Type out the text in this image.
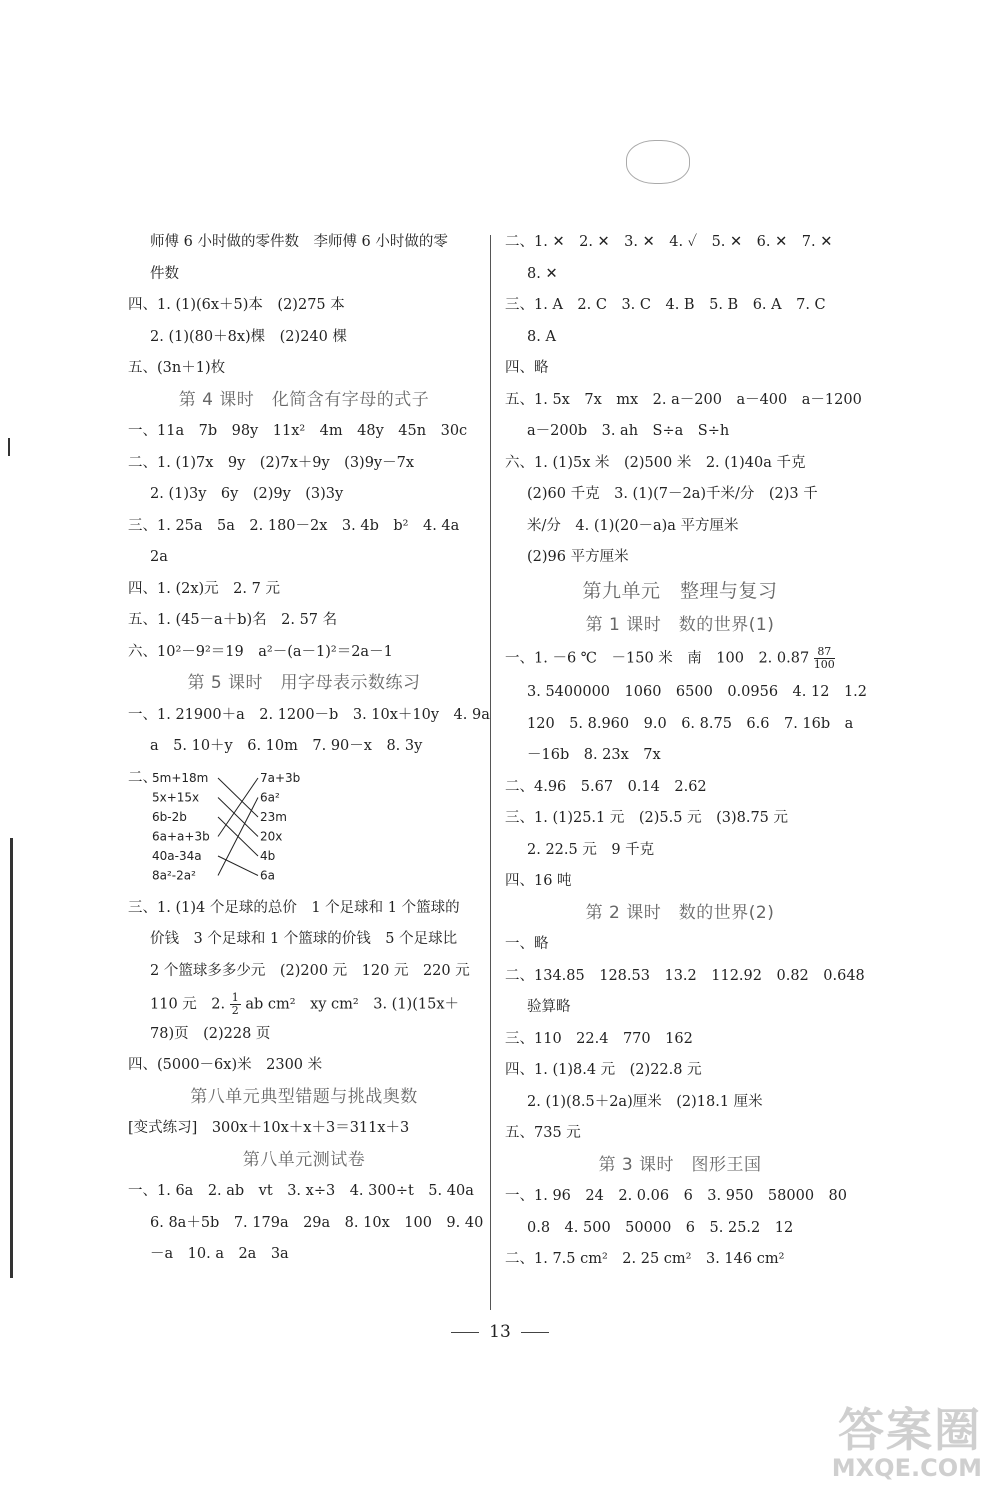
师傅 6 小时做的零件数　李师傅 6 小时做的零
件数
四、1. (1)(6x＋5)本　(2)275 本
2. (1)(80＋8x)棵　(2)240 棵
五、(3n＋1)枚
第 4 课时　化简含有字母的式子
一、11a　7b　98y　11x²　4m　48y　45n　30c
二、1. (1)7x　9y　(2)7x＋9y　(3)9y－7x
2. (1)3y　6y　(2)9y　(3)3y
三、1. 25a　5a　2. 180－2x　3. 4b　b²　4. 4a
2a
四、1. (2x)元　2. 7 元
五、1. (45－a＋b)名　2. 57 名
六、10²－9²＝19　a²－(a－1)²＝2a－1
第 5 课时　用字母表示数练习
一、1. 21900＋a　2. 1200－b　3. 10x＋10y　4. 9a
a　5. 10＋y　6. 10m　7. 90－x　8. 3y
二、
5m+18m
5x+15x
6b-2b
6a+a+3b
40a-34a
8a²-2a²
7a+3b
6a²
23m
20x
4b
6a
三、1. (1)4 个足球的总价　1 个足球和 1 个篮球的
价钱　3 个足球和 1 个篮球的价钱　5 个足球比
2 个篮球多多少元　(2)200 元　120 元　220 元
110 元　2. $\frac{1}{2}$ ab cm²　xy cm²　3. (1)(15x＋
78)页　(2)228 页
四、(5000－6x)米　2300 米
第八单元典型错题与挑战奥数
[变式练习]　300x＋10x＋x＋3＝311x＋3
第八单元测试卷
一、1. 6a　2. ab　vt　3. x÷3　4. 300÷t　5. 40a
6. 8a＋5b　7. 179a　29a　8. 10x　100　9. 40
－a　10. a　2a　3a
二、1. ✕　2. ✕　3. ✕　4. ✓　5. ✕　6. ✕　7. ✕
8. ✕
三、1. A　2. C　3. C　4. B　5. B　6. A　7. C
8. A
四、略
五、1. 5x　7x　mx　2. a－200　a－400　a－1200
a－200b　3. ah　S÷a　S÷h
六、1. (1)5x 米　(2)500 米　2. (1)40a 千克
(2)60 千克　3. (1)(7－2a)千米/分　(2)3 千
米/分　4. (1)(20－a)a 平方厘米
(2)96 平方厘米
第九单元　整理与复习
第 1 课时　数的世界(1)
一、1. －6 ℃　－150 米　南　100　2. $0.87 \frac{87}{100}$
3. 5400000　1060　6500　0.0956　4. 12　1.2
120　5. 8.960　9.0　6. 8.75　6.6　7. 16b　a
－16b　8. 23x　7x
二、4.96　5.67　0.14　2.62
三、1. (1)25.1 元　(2)5.5 元　(3)8.75 元
2. 22.5 元　9 千克
四、16 吨
第 2 课时　数的世界(2)
一、略
二、134.85　128.53　13.2　112.92　0.82　0.648
验算略
三、110　22.4　770　162
四、1. (1)8.4 元　(2)22.8 元
2. (1)(8.5＋2a)厘米　(2)18.1 厘米
五、735 元
第 3 课时　图形王国
一、1. 96　24　2. 0.06　6　3. 950　58000　80
0.8　4. 500　50000　6　5. 25.2　12
二、1. 7.5 cm²　2. 25 cm²　3. 146 cm²
13
答案圈
MXQE.COM
